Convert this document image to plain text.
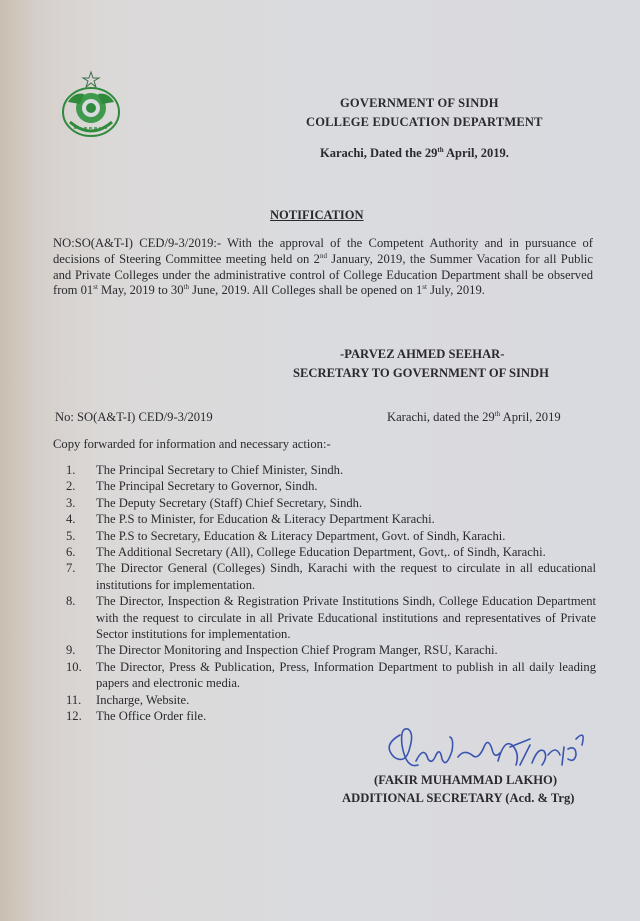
GOVERNMENT OF SINDH
COLLEGE EDUCATION DEPARTMENT
Karachi, Dated the 29th April, 2019.
NOTIFICATION
NO:SO(A&T-I) CED/9-3/2019:- With the approval of the Competent Authority and in pursuance of decisions of Steering Committee meeting held on 2nd January, 2019, the Summer Vacation for all Public and Private Colleges under the administrative control of College Education Department shall be observed from 01st May, 2019 to 30th June, 2019. All Colleges shall be opened on 1st July, 2019.
-PARVEZ AHMED SEEHAR-
SECRETARY TO GOVERNMENT OF SINDH
No: SO(A&T-I) CED/9-3/2019	Karachi, dated the 29th April, 2019
Copy forwarded for information and necessary action:-
1.	The Principal Secretary to Chief Minister, Sindh.
2.	The Principal Secretary to Governor, Sindh.
3.	The Deputy Secretary (Staff) Chief Secretary, Sindh.
4.	The P.S to Minister, for Education & Literacy Department Karachi.
5.	The P.S to Secretary, Education & Literacy Department, Govt. of Sindh, Karachi.
6.	The Additional Secretary (All), College Education Department, Govt,. of Sindh, Karachi.
7.	The Director General (Colleges) Sindh, Karachi with the request to circulate in all educational institutions for implementation.
8.	The Director, Inspection & Registration Private Institutions Sindh, College Education Department with the request to circulate in all Private Educational institutions and representatives of Private Sector institutions for implementation.
9.	The Director Monitoring and Inspection Chief Program Manger, RSU, Karachi.
10.	The Director, Press & Publication, Press, Information Department to publish in all daily leading papers and electronic media.
11.	Incharge, Website.
12.	The Office Order file.
(FAKIR MUHAMMAD LAKHO)
ADDITIONAL SECRETARY (Acd. & Trg)
